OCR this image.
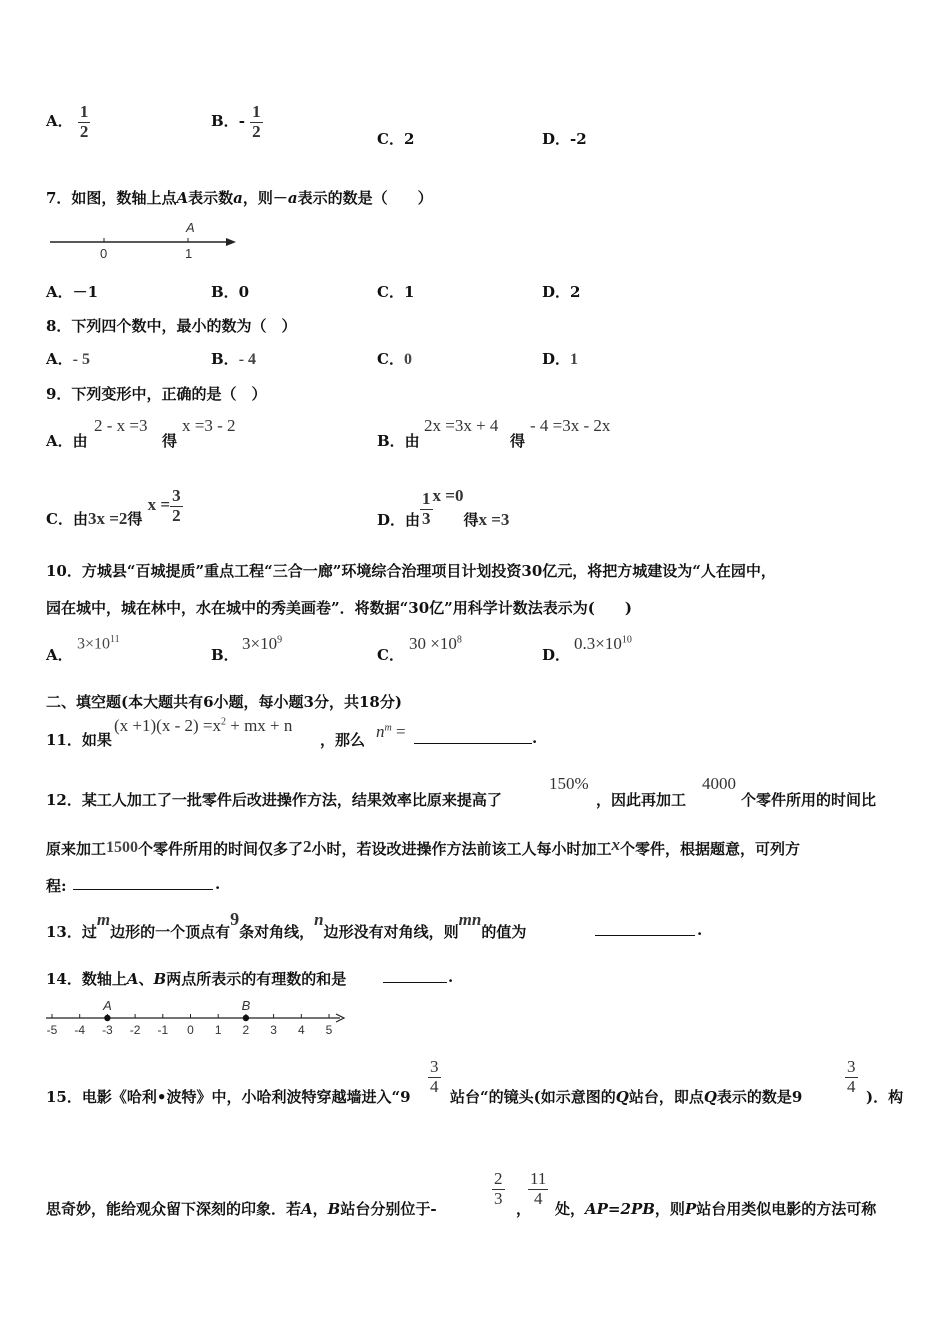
A． $\frac{1}{2}$	B．- $\frac{1}{2}$	C．2	D．-2
7．如图，数轴上点A表示数a，则－a表示的数是（　　）
A
0	1
A．－1	B．0	C．1	D．2
8．下列四个数中，最小的数为（　）
A．- 5	B．- 4	C．0	D．1
9．下列变形中，正确的是（　）
A．由
2 - x =3
得
x =3 - 2
B．由
2x =3x + 4
得
- 4 =3x - 2x
C．由3x =2得 $x = \frac{3}{2}$	D．由 $\frac{1}{3}$ x =0得x =3
10．方城县“百城提质”重点工程“三合一廊”环境综合治理项目计划投资30亿元，将把方城建设为“人在园中，
园在城中，城在林中，水在城中的秀美画卷”．将数据“30亿”用科学计数法表示为(　　)
A．
$3\times 10^{11}$
B．
$3\times 10^9$
C．
$30 \times 10^8$
D．
$0.3\times 10^{10}$
二、填空题(本大题共有6小题，每小题3分，共18分)
11．如果
$(x +1)(x - 2) =x^2$ + mx + n
，那么 $n^m$ =	.
12．某工人加工了一批零件后改进操作方法，结果效率比原来提高了
150%
，因此再加工
4000
个零件所用的时间比
原来加工1500个零件所用的时间仅多了2小时，若设改进操作方法前该工人每小时加工x个零件，根据题意，可列方
程:	.
13．过m边形的一个顶点有9条对角线，n边形没有对角线，则mn的值为	.
14．数轴上A、B两点所表示的有理数的和是	.
-5 -4 -3 -2 -1 0 1 2 3 4 5
A	B
15．电影《哈利•波特》中，小哈利波特穿越墙进入“9
$\frac{3}{4}$
站台“的镜头(如示意图的Q站台，即点Q表示的数是9
$\frac{3}{4}$
)．构
思奇妙，能给观众留下深刻的印象．若A，B站台分别位于-
$\frac{2}{3}$
，
$\frac{11}{4}$
处，AP=2PB，则P站台用类似电影的方法可称
